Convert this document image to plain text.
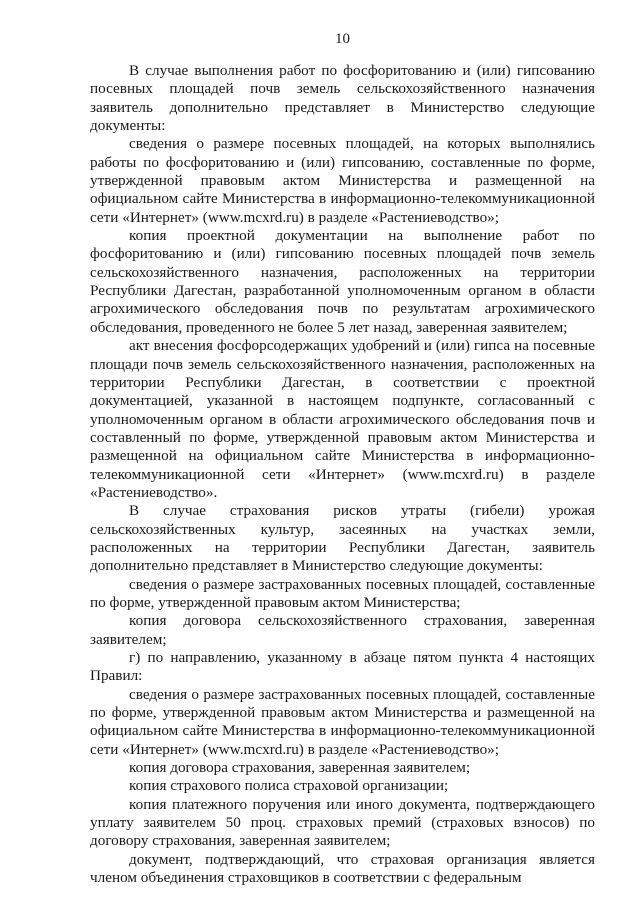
10

В случае выполнения работ по фосфоритованию и (или) гипсованию посевных площадей почв земель сельскохозяйственного назначения заявитель дополнительно представляет в Министерство следующие документы:

сведения о размере посевных площадей, на которых выполнялись работы по фосфоритованию и (или) гипсованию, составленные по форме, утвержденной правовым актом Министерства и размещенной на официальном сайте Министерства в информационно-телекоммуникационной сети «Интернет» (www.mcxrd.ru) в разделе «Растениеводство»;

копия проектной документации на выполнение работ по фосфоритованию и (или) гипсованию посевных площадей почв земель сельскохозяйственного назначения, расположенных на территории Республики Дагестан, разработанной уполномоченным органом в области агрохимического обследования почв по результатам агрохимического обследования, проведенного не более 5 лет назад, заверенная заявителем;

акт внесения фосфорсодержащих удобрений и (или) гипса на посевные площади почв земель сельскохозяйственного назначения, расположенных на территории Республики Дагестан, в соответствии с проектной документацией, указанной в настоящем подпункте, согласованный с уполномоченным органом в области агрохимического обследования почв и составленный по форме, утвержденной правовым актом Министерства и размещенной на официальном сайте Министерства в информационно-телекоммуникационной сети «Интернет» (www.mcxrd.ru) в разделе «Растениеводство».

В случае страхования рисков утраты (гибели) урожая сельскохозяйственных культур, засеянных на участках земли, расположенных на территории Республики Дагестан, заявитель дополнительно представляет в Министерство следующие документы:

сведения о размере застрахованных посевных площадей, составленные по форме, утвержденной правовым актом Министерства;

копия договора сельскохозяйственного страхования, заверенная заявителем;

г) по направлению, указанному в абзаце пятом пункта 4 настоящих Правил:

сведения о размере застрахованных посевных площадей, составленные по форме, утвержденной правовым актом Министерства и размещенной на официальном сайте Министерства в информационно-телекоммуникационной сети «Интернет» (www.mcxrd.ru) в разделе «Растениеводство»;

копия договора страхования, заверенная заявителем;

копия страхового полиса страховой организации;

копия платежного поручения или иного документа, подтверждающего уплату заявителем 50 проц. страховых премий (страховых взносов) по договору страхования, заверенная заявителем;

документ, подтверждающий, что страховая организация является членом объединения страховщиков в соответствии с федеральным
